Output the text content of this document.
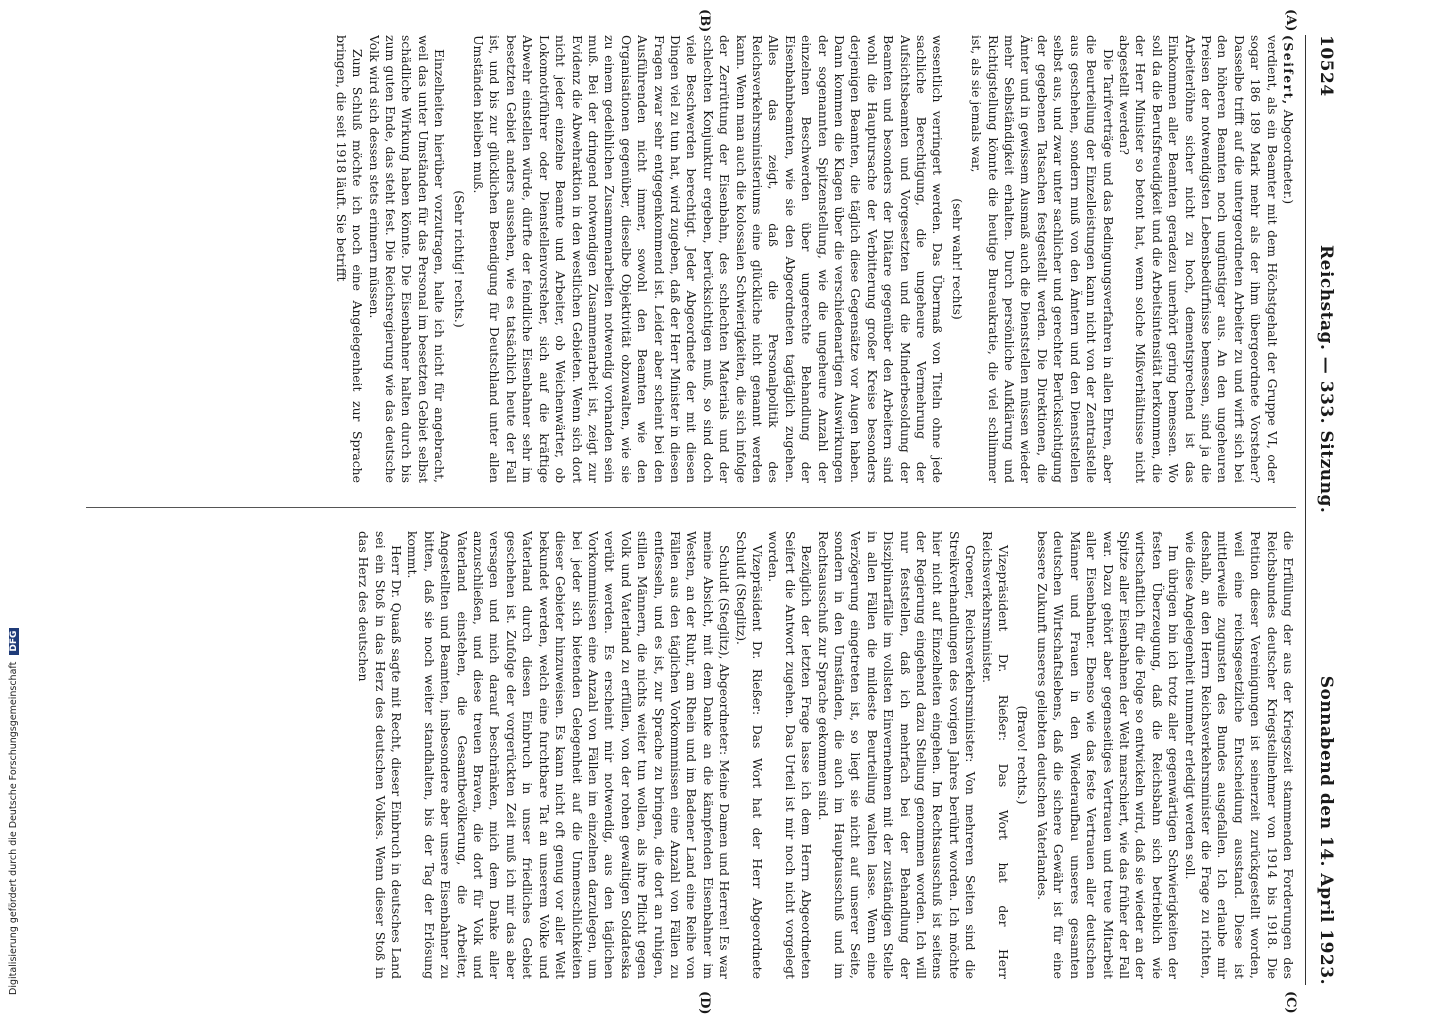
10524
Reichstag. — 333. Sitzung.
Sonnabend den 14. April 1923.
(A)
(B)
(C)
(D)

(Seifert, Abgeordneter.)

verdient, als ein Beamter mit dem Höchstgehalt der Gruppe VI, oder sogar 186 189 Mark mehr als der ihm übergeordnete Vorsteher? Dasselbe trifft auf die untergeordneten Arbeiter zu und wirft sich bei den höheren Beamten noch ungünstiger aus. An den ungeheuren Preisen der notwendigsten Lebensbedürfnisse bemessen, sind ja die Arbeiterlöhne sicher nicht zu hoch, dementsprechend ist das Einkommen aller Beamten geradezu unerhört gering bemessen. Wo soll da die Berufsfreudigkeit und die Arbeitsintensität herkommen, die der Herr Minister so betont hat, wenn solche Mißverhältnisse nicht abgestellt werden?

Die Tarifverträge und das Bedingungsverfahren in allen Ehren, aber die Beurteilung der Einzelleistungen kann nicht von der Zentralstelle aus geschehen, sondern muß von den Ämtern und den Dienststellen selbst aus, und zwar unter sachlicher und gerechter Berücksichtigung der gegebenen Tatsachen festgestellt werden. Die Direktionen, die Ämter und in gewissem Ausmaß auch die Dienststellen müssen wieder mehr Selbständigkeit erhalten. Durch persönliche Aufklärung und Richtigstellung könnte die heutige Bureaukratie, die viel schlimmer ist, als sie jemals war,

(sehr wahr! rechts)

wesentlich verringert werden. Das Übermaß von Titeln ohne jede sachliche Berechtigung, die ungeheure Vermehrung der Aufsichtsbeamten und Vorgesetzten und die Minderbesoldung der Beamten und besonders der Diätare gegenüber den Arbeitern sind wohl die Hauptursache der Verbitterung großer Kreise besonders derjenigen Beamten, die täglich diese Gegensätze vor Augen haben. Dann kommen die Klagen über die verschiedenartigen Auswirkungen der sogenannten Spitzenstellung, wie die ungeheure Anzahl der einzelnen Beschwerden über ungerechte Behandlung der Eisenbahnbeamten, wie sie den Abgeordneten tagtäglich zugehen. Alles das zeigt, daß die Personalpolitik des Reichsverkehrsministeriums eine glückliche nicht genannt werden kann. Wenn man auch die kolossalen Schwierigkeiten, die sich infolge der Zerrüttung der Eisenbahn, des schlechten Materials und der schlechten Konjunktur ergeben, berücksichtigen muß, so sind doch viele Beschwerden berechtigt. Jeder Abgeordnete der mit diesen Dingen viel zu tun hat, wird zugeben, daß der Herr Minister in diesen Fragen zwar sehr entgegenkommend ist. Leider aber scheint bei den Ausführenden nicht immer, sowohl den Beamten wie den Organisationen gegenüber, dieselbe Objektivität obzuwalten, wie sie zu einem gedeihlichen Zusammenarbeiten notwendig vorhanden sein muß. Bei der dringend notwendigen Zusammenarbeit ist, zeigt zur Evidenz die Abwehraktion in den westlichen Gebieten. Wenn sich dort nicht jeder einzelne Beamte und Arbeiter, ob Weichenwärter, ob Lokomotivführer oder Dienstellenvorsteher, sich auf die kräftige Abwehr einstellen würde, dürfte der feindliche Eisenbahner sehr im besetzten Gebiet anders aussehen, wie es tatsächlich heute der Fall ist, und bis zur glücklichen Beendigung für Deutschland unter allen Umständen bleiben muß.

(Sehr richtig! rechts.)

Einzelheiten hierüber vorzutragen, halte ich nicht für angebracht, weil das unter Umständen für das Personal im besetzten Gebiet selbst schädliche Wirkung haben könnte. Die Eisenbahner halten durch bis zum guten Ende, das steht fest. Die Reichsregierung wie das deutsche Volk wird sich dessen stets erinnern müssen.

Zum Schluß möchte ich noch eine Angelegenheit zur Sprache bringen, die seit 1918 läuft. Sie betrifft

die Erfüllung der aus der Kriegszeit stammenden Forderungen des Reichsbundes deutscher Kriegsteilnehmer von 1914 bis 1918. Die Petition dieser Vereinigungen ist seinerzeit zurückgestellt worden, weil eine reichsgesetzliche Entscheidung ausstand. Diese ist mittlerweile zugunsten des Bundes ausgefallen. Ich erlaube mir deshalb, an den Herrn Reichsverkehrsminister die Frage zu richten, wie diese Angelegenheit nunmehr erledigt werden soll.

Im übrigen bin ich trotz aller gegenwärtigen Schwierigkeiten der festen Überzeugung, daß die Reichsbahn sich betrieblich wie wirtschaftlich für die Folge so entwickeln wird, daß sie wieder an der Spitze aller Eisenbahnen der Welt marschiert, wie das früher der Fall war. Dazu gehört aber gegenseitiges Vertrauen und treue Mitarbeit aller Eisenbahner. Ebenso wie das feste Vertrauen aller deutschen Männer und Frauen in den Wiederaufbau unseres gesamten deutschen Wirtschaftslebens, daß die sichere Gewähr ist für eine bessere Zukunft unseres geliebten deutschen Vaterlandes.

(Bravo! rechts.)

Vizepräsident Dr. Rießer: Das Wort hat der Herr Reichsverkehrsminister.

Groener, Reichsverkehrsminister: Von mehreren Seiten sind die Streikverhandlungen des vorigen Jahres berührt worden. Ich möchte hier nicht auf Einzelheiten eingehen. Im Rechtsausschuß ist seitens der Regierung eingehend dazu Stellung genommen worden. Ich will nur feststellen, daß ich mehrfach bei der Behandlung der Disziplinarfälle im vollsten Einvernehmen mit der zuständigen Stelle in allen Fällen die mildeste Beurteilung walten lasse. Wenn eine Verzögerung eingetreten ist, so liegt sie nicht auf unserer Seite, sondern in den Umständen, die auch im Hauptausschuß und im Rechtsausschuß zur Sprache gekommen sind.

Bezüglich der letzten Frage lasse ich dem Herrn Abgeordneten Seifert die Antwort zugehen. Das Urteil ist mir noch nicht vorgelegt worden.

Vizepräsident Dr. Rießer: Das Wort hat der Herr Abgeordnete Schuldt (Steglitz).

Schuldt (Steglitz), Abgeordneter: Meine Damen und Herren! Es war meine Absicht, mit dem Danke an die kämpfenden Eisenbahner im Westen, an der Ruhr, am Rhein und im Badener Land eine Reihe von Fällen aus den täglichen Vorkommnissen eine Anzahl von Fällen zu entfesseln, und es ist, zur Sprache zu bringen, die dort an ruhigen, stillen Männern, die nichts weiter tun wollen, als ihre Pflicht gegen Volk und Vaterland zu erfüllen, von der rohen gewaltigen Soldateska verübt werden. Es erscheint mir notwendig, aus den täglichen Vorkommnissen eine Anzahl von Fällen im einzelnen darzulegen, um bei jeder sich bietenden Gelegenheit auf die Unmenschlichkeiten dieser Gebieter hinzuweisen. Es kann nicht oft genug vor aller Welt bekundet werden, welch eine furchtbare Tat an unserem Volke und Vaterland durch diesen Einbruch in unser friedliches Gebiet geschehen ist. Zufolge der vorgerückten Zeit muß ich mir das aber versagen und mich darauf beschränken, mich dem Danke aller anzuschließen, und diese treuen Braven, die dort für Volk und Vaterland einstehen, die Gesamtbevölkerung, die Arbeiter, Angestellten und Beamten, insbesondere aber unsere Eisenbahner zu bitten, daß sie noch weiter standhalten, bis der Tag der Erlösung kommt.

Herr Dr. Quaaß sagte mit Recht, dieser Einbruch in deutsches Land sei ein Stoß in das Herz des deutschen Volkes. Wenn dieser Stoß in das Herz des deutschen

Digitalisierung gefördert durch die Deutsche Forschungsgemeinschaft DFG
